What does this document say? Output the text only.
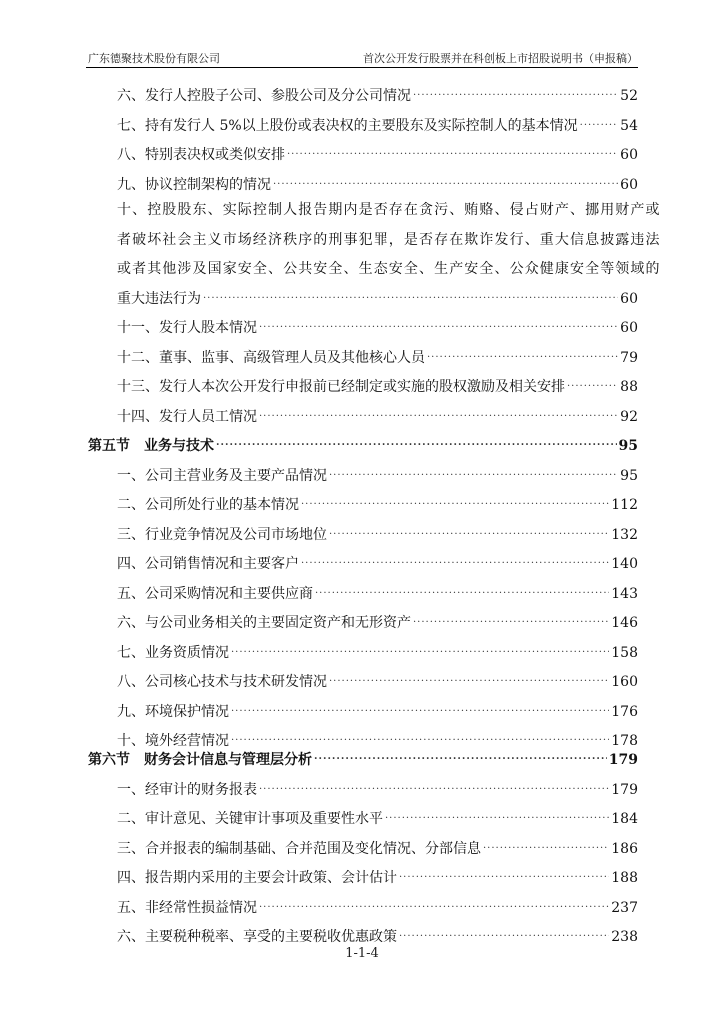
广东德聚技术股份有限公司	首次公开发行股票并在科创板上市招股说明书（申报稿）
六、发行人控股子公司、参股公司及分公司情况 .....	52
七、持有发行人 5%以上股份或表决权的主要股东及实际控制人的基本情况 .....	54
八、特别表决权或类似安排 .....	60
九、协议控制架构的情况 .....	60
十、控股股东、实际控制人报告期内是否存在贪污、贿赂、侵占财产、挪用财产或
者破坏社会主义市场经济秩序的刑事犯罪，是否存在欺诈发行、重大信息披露违法
或者其他涉及国家安全、公共安全、生态安全、生产安全、公众健康安全等领域的
重大违法行为 .....	60
十一、发行人股本情况 .....	60
十二、董事、监事、高级管理人员及其他核心人员 .....	79
十三、发行人本次公开发行申报前已经制定或实施的股权激励及相关安排 .....	88
十四、发行人员工情况 .....	92
第五节　业务与技术 .....	95
一、公司主营业务及主要产品情况 .....	95
二、公司所处行业的基本情况 .....	112
三、行业竞争情况及公司市场地位 .....	132
四、公司销售情况和主要客户 .....	140
五、公司采购情况和主要供应商 .....	143
六、与公司业务相关的主要固定资产和无形资产 .....	146
七、业务资质情况 .....	158
八、公司核心技术与技术研发情况 .....	160
九、环境保护情况 .....	176
十、境外经营情况 .....	178
第六节　财务会计信息与管理层分析 .....	179
一、经审计的财务报表 .....	179
二、审计意见、关键审计事项及重要性水平 .....	184
三、合并报表的编制基础、合并范围及变化情况、分部信息 .....	186
四、报告期内采用的主要会计政策、会计估计 .....	188
五、非经常性损益情况 .....	237
六、主要税种税率、享受的主要税收优惠政策 .....	238
1-1-4
